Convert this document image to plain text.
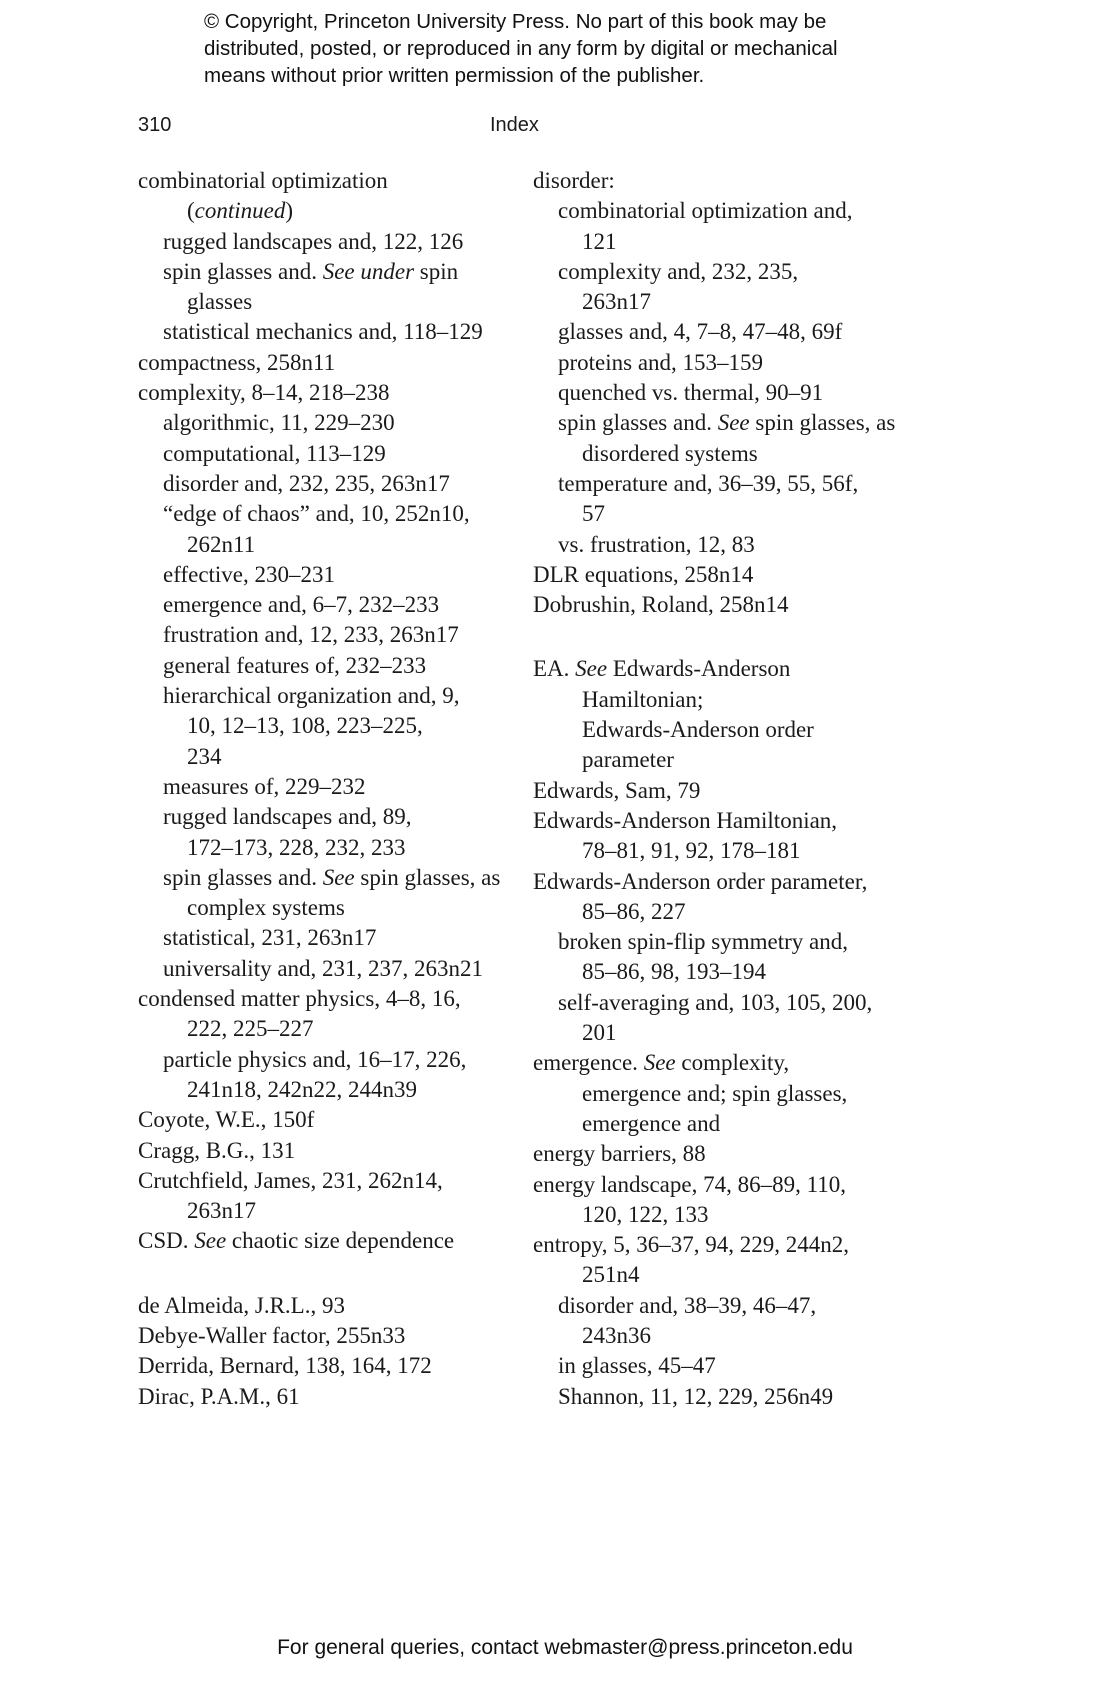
© Copyright, Princeton University Press. No part of this book may be
distributed, posted, or reproduced in any form by digital or mechanical
means without prior written permission of the publisher.
310	Index
combinatorial optimization
(continued)
rugged landscapes and, 122, 126
spin glasses and. See under spin
glasses
statistical mechanics and, 118–129
compactness, 258n11
complexity, 8–14, 218–238
algorithmic, 11, 229–230
computational, 113–129
disorder and, 232, 235, 263n17
“edge of chaos” and, 10, 252n10,
262n11
effective, 230–231
emergence and, 6–7, 232–233
frustration and, 12, 233, 263n17
general features of, 232–233
hierarchical organization and, 9,
10, 12–13, 108, 223–225,
234
measures of, 229–232
rugged landscapes and, 89,
172–173, 228, 232, 233
spin glasses and. See spin glasses, as
complex systems
statistical, 231, 263n17
universality and, 231, 237, 263n21
condensed matter physics, 4–8, 16,
222, 225–227
particle physics and, 16–17, 226,
241n18, 242n22, 244n39
Coyote, W.E., 150f
Cragg, B.G., 131
Crutchfield, James, 231, 262n14,
263n17
CSD. See chaotic size dependence
de Almeida, J.R.L., 93
Debye-Waller factor, 255n33
Derrida, Bernard, 138, 164, 172
Dirac, P.A.M., 61
disorder:
combinatorial optimization and,
121
complexity and, 232, 235,
263n17
glasses and, 4, 7–8, 47–48, 69f
proteins and, 153–159
quenched vs. thermal, 90–91
spin glasses and. See spin glasses, as
disordered systems
temperature and, 36–39, 55, 56f,
57
vs. frustration, 12, 83
DLR equations, 258n14
Dobrushin, Roland, 258n14
EA. See Edwards-Anderson
Hamiltonian;
Edwards-Anderson order
parameter
Edwards, Sam, 79
Edwards-Anderson Hamiltonian,
78–81, 91, 92, 178–181
Edwards-Anderson order parameter,
85–86, 227
broken spin-flip symmetry and,
85–86, 98, 193–194
self-averaging and, 103, 105, 200,
201
emergence. See complexity,
emergence and; spin glasses,
emergence and
energy barriers, 88
energy landscape, 74, 86–89, 110,
120, 122, 133
entropy, 5, 36–37, 94, 229, 244n2,
251n4
disorder and, 38–39, 46–47,
243n36
in glasses, 45–47
Shannon, 11, 12, 229, 256n49
For general queries, contact webmaster@press.princeton.edu
